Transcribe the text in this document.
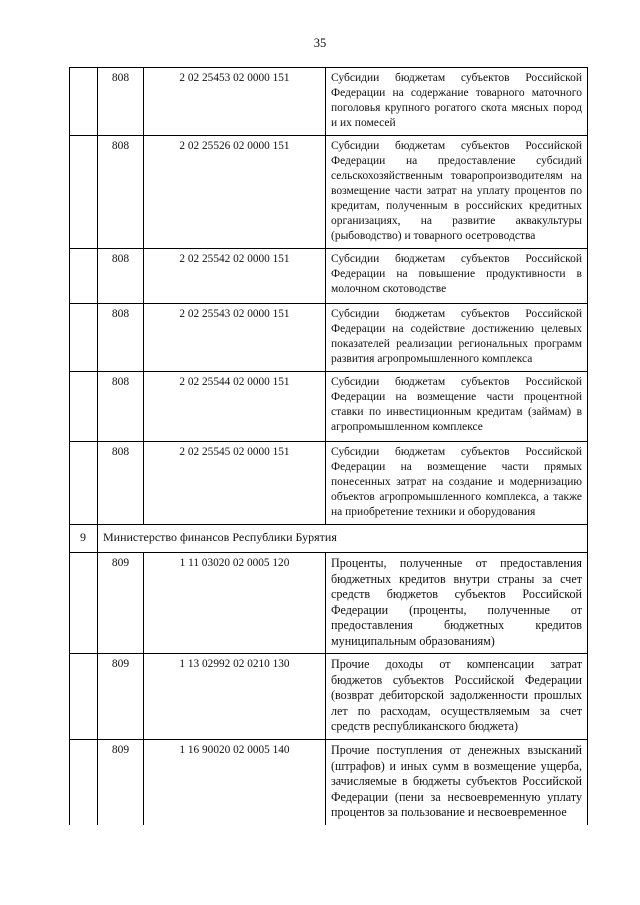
35
	808	2 02 25453 02 0000 151	Субсидии бюджетам субъектов Российской Федерации на содержание товарного маточного поголовья крупного рогатого скота мясных пород и их помесей
	808	2 02 25526 02 0000 151	Субсидии бюджетам субъектов Российской Федерации на предоставление субсидий сельскохозяйственным товаропроизводителям на возмещение части затрат на уплату процентов по кредитам, полученным в российских кредитных организациях, на развитие аквакультуры (рыбоводство) и товарного осетроводства
	808	2 02 25542 02 0000 151	Субсидии бюджетам субъектов Российской Федерации на повышение продуктивности в молочном скотоводстве
	808	2 02 25543 02 0000 151	Субсидии бюджетам субъектов Российской Федерации на содействие достижению целевых показателей реализации региональных программ развития агропромышленного комплекса
	808	2 02 25544 02 0000 151	Субсидии бюджетам субъектов Российской Федерации на возмещение части процентной ставки по инвестиционным кредитам (займам) в агропромышленном комплексе
	808	2 02 25545 02 0000 151	Субсидии бюджетам субъектов Российской Федерации на возмещение части прямых понесенных затрат на создание и модернизацию объектов агропромышленного комплекса, а также на приобретение техники и оборудования
9	Министерство финансов Республики Бурятия		
	809	1 11 03020 02 0005 120	Проценты, полученные от предоставления бюджетных кредитов внутри страны за счет средств бюджетов субъектов Российской Федерации (проценты, полученные от предоставления бюджетных кредитов муниципальным образованиям)
	809	1 13 02992 02 0210 130	Прочие доходы от компенсации затрат бюджетов субъектов Российской Федерации (возврат дебиторской задолженности прошлых лет по расходам, осуществляемым за счет средств республиканского бюджета)
	809	1 16 90020 02 0005 140	Прочие поступления от денежных взысканий (штрафов) и иных сумм в возмещение ущерба, зачисляемые в бюджеты субъектов Российской Федерации (пени за несвоевременную уплату процентов за пользование и несвоевременное
